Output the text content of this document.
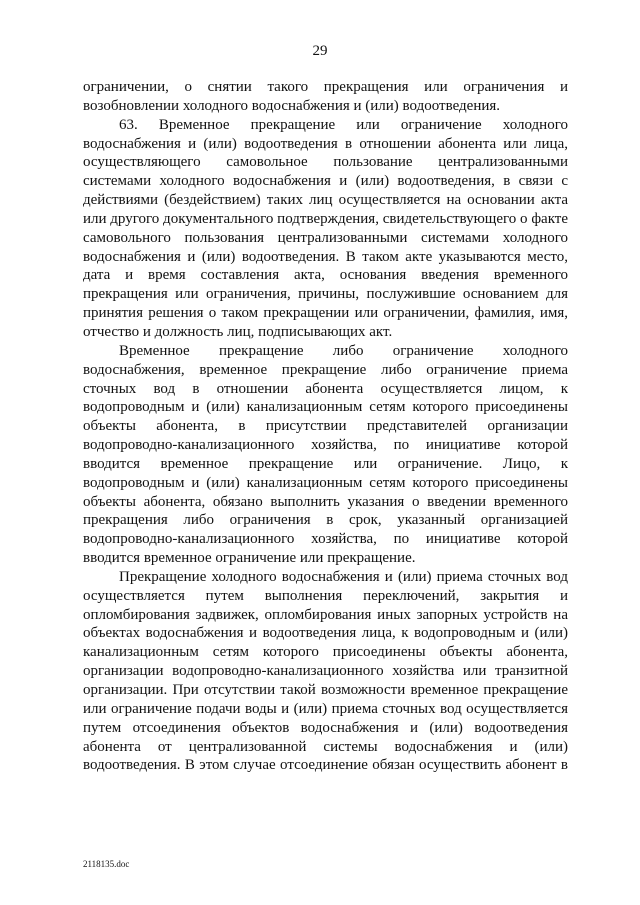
29

ограничении, о снятии такого прекращения или ограничения и возобновлении холодного водоснабжения и (или) водоотведения.

63. Временное прекращение или ограничение холодного водоснабжения и (или) водоотведения в отношении абонента или лица, осуществляющего самовольное пользование централизованными системами холодного водоснабжения и (или) водоотведения, в связи с действиями (бездействием) таких лиц осуществляется на основании акта или другого документального подтверждения, свидетельствующего о факте самовольного пользования централизованными системами холодного водоснабжения и (или) водоотведения. В таком акте указываются место, дата и время составления акта, основания введения временного прекращения или ограничения, причины, послужившие основанием для принятия решения о таком прекращении или ограничении, фамилия, имя, отчество и должность лиц, подписывающих акт.

Временное прекращение либо ограничение холодного водоснабжения, временное прекращение либо ограничение приема сточных вод в отношении абонента осуществляется лицом, к водопроводным и (или) канализационным сетям которого присоединены объекты абонента, в присутствии представителей организации водопроводно-канализационного хозяйства, по инициативе которой вводится временное прекращение или ограничение. Лицо, к водопроводным и (или) канализационным сетям которого присоединены объекты абонента, обязано выполнить указания о введении временного прекращения либо ограничения в срок, указанный организацией водопроводно-канализационного хозяйства, по инициативе которой вводится временное ограничение или прекращение.

Прекращение холодного водоснабжения и (или) приема сточных вод осуществляется путем выполнения переключений, закрытия и опломбирования задвижек, опломбирования иных запорных устройств на объектах водоснабжения и водоотведения лица, к водопроводным и (или) канализационным сетям которого присоединены объекты абонента, организации водопроводно-канализационного хозяйства или транзитной организации. При отсутствии такой возможности временное прекращение или ограничение подачи воды и (или) приема сточных вод осуществляется путем отсоединения объектов водоснабжения и (или) водоотведения абонента от централизованной системы водоснабжения и (или) водоотведения. В этом случае отсоединение обязан осуществить абонент в

2118135.doc
